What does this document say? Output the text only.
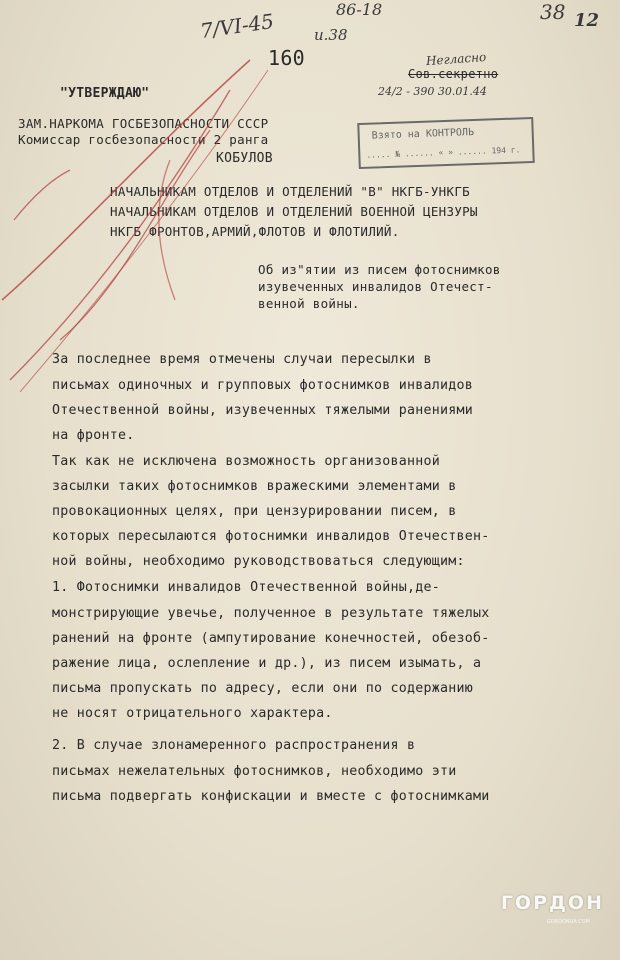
7/VI-45	86-18
и.38
38 12
160	Негласно
Сов.секретно
24/2 - 390 30.01.44
"УТВЕРЖДАЮ"
ЗАМ.НАРКОМА ГОСБЕЗОПАСНОСТИ СССР
Комиссар госбезопасности 2 ранга
КОБУЛОВ
Взято на КОНТРОЛЬ
..... № ...... « » ...... 194 г.
НАЧАЛЬНИКАМ ОТДЕЛОВ И ОТДЕЛЕНИЙ "В" НКГБ-УНКГБ
НАЧАЛЬНИКАМ ОТДЕЛОВ И ОТДЕЛЕНИЙ ВОЕННОЙ ЦЕНЗУРЫ
НКГБ ФРОНТОВ,АРМИЙ,ФЛОТОВ И ФЛОТИЛИЙ.
Об из"ятии из писем фотоснимков
изувеченных инвалидов Отечест-
венной войны.
За последнее время отмечены случаи пересылки в
письмах одиночных и групповых фотоснимков инвалидов
Отечественной войны, изувеченных тяжелыми ранениями
на фронте.
Так как не исключена возможность организованной
засылки таких фотоснимков вражескими элементами в
провокационных целях, при цензурировании писем, в
которых пересылаются фотоснимки инвалидов Отечествен-
ной войны, необходимо руководствоваться следующим:
1. Фотоснимки инвалидов Отечественной войны,де-
монстрирующие увечье, полученное в результате тяжелых
ранений на фронте (ампутирование конечностей, обезоб-
ражение лица, ослепление и др.), из писем изымать, а
письма пропускать по адресу, если они по содержанию
не носят отрицательного характера.
2. В случае злонамеренного распространения в
письмах нежелательных фотоснимков, необходимо эти
письма подвергать конфискации и вместе с фотоснимками
ГОРДОН
GORDONUA.COM
